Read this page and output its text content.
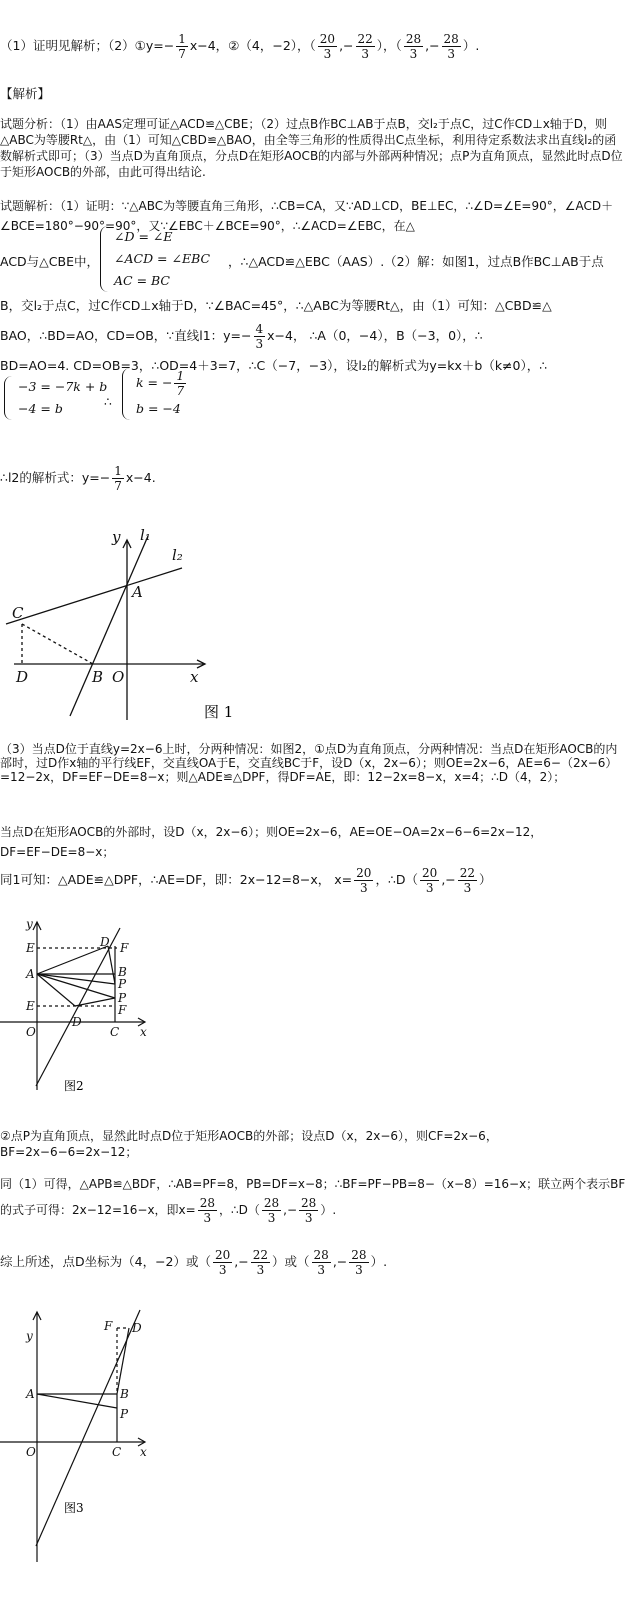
（1）证明见解析；（2）①y=− $\frac{1}{7} x-4$，②（4，−2），（ $\frac{20}{3}$ ,− $\frac{22}{3}$ ），（ $\frac{28}{3}$ ,− $\frac{28}{3}$ ）.
【解析】
试题分析：（1）由AAS定理可证△ACD≌△CBE；（2）过点B作BC⊥AB于点B，交l₂于点C，过C作CD⊥x轴于D，则△ABC为等腰Rt△，由（1）可知△CBD≌△BAO，由全等三角形的性质得出C点坐标，利用待定系数法求出直线l₂的函数解析式即可；（3）当点D为直角顶点，分点D在矩形AOCB的内部与外部两种情况；点P为直角顶点，显然此时点D位于矩形AOCB的外部，由此可得出结论.
试题解析：（1）证明：∵△ABC为等腰直角三角形，∴CB=CA，又∵AD⊥CD，BE⊥EC，∴∠D=∠E=90°，∠ACD＋∠BCE=180°−90°=90°，又∵∠EBC＋∠BCE=90°，∴∠ACD=∠EBC，在△
ACD与△CBE中，
∠D = ∠E
∠ACD = ∠EBC
AC = BC
，∴△ACD≌△EBC（AAS）.（2）解：如图1，过点B作BC⊥AB于点
B，交l₂于点C，过C作CD⊥x轴于D，∵∠BAC=45°，∴△ABC为等腰Rt△，由（1）可知：△CBD≌△
BAO，∴BD=AO，CD=OB，∵直线l1：$y=- \frac{4}{3} x-4$， ∴A（0，−4），B（−3，0），∴
BD=AO=4. CD=OB=3，∴OD=4＋3=7，∴C（−7，−3），设l₂的解析式为y=kx＋b（k≠0），∴
−3 = −7k + b
−4 = b	∴
k = − $\frac{1}{7}$
b = −4
∴l2的解析式：$y=- \frac{1}{7} x-4$.
y l₁
l₂
A
C
D	B O	x
图 1
（3）当点D位于直线y=2x−6上时，分两种情况：如图2，①点D为直角顶点，分两种情况：当点D在矩形AOCB的内部时，过D作x轴的平行线EF，交直线OA于E，交直线BC于F，设D（x，2x−6）；则OE=2x−6，AE=6−（2x−6）=12−2x，DF=EF−DE=8−x；则△ADE≌△DPF，得DF=AE，即：12−2x=8−x，x=4；∴D（4，2）；
当点D在矩形AOCB的外部时，设D（x，2x−6）；则OE=2x−6，AE=OE−OA=2x−6−6=2x−12，DF=EF−DE=8−x；
同1可知：△ADE≌△DPF，∴AE=DF，即：2x−12=8−x， $x= \frac{20}{3}$ ，∴D（ $\frac{20}{3}$ ,− $\frac{22}{3}$ ）
y
E
A
E
O
D F
B
P
P
F
D
C x
图2
②点P为直角顶点，显然此时点D位于矩形AOCB的外部；设点D（x，2x−6），则CF=2x−6，BF=2x−6−6=2x−12；
同（1）可得，△APB≌△BDF，∴AB=PF=8，PB=DF=x−8；∴BF=PF−PB=8−（x−8）=16−x；联立两个表示BF的式子可得：2x−12=16−x，即$x= \frac{28}{3}$ ，∴D（ $\frac{28}{3}$ ,− $\frac{28}{3}$ ）.
综上所述，点D坐标为（4，−2）或（ $\frac{20}{3}$ ,− $\frac{22}{3}$ ）或（ $\frac{28}{3}$ ,− $\frac{28}{3}$ ）.
y
F D
A	B
P
O	C x
图3
